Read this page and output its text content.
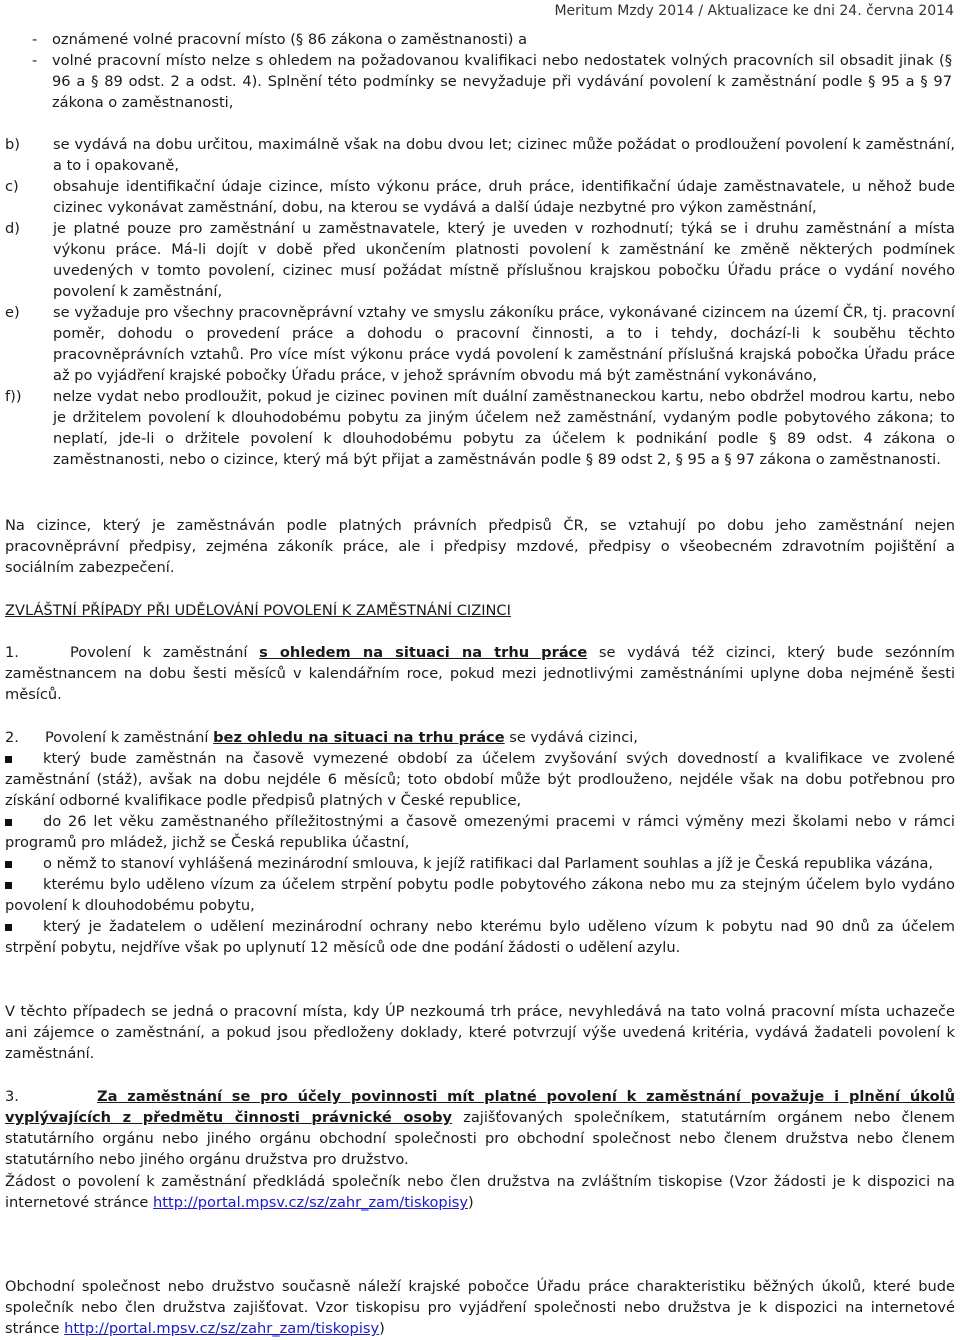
Meritum Mzdy 2014 / Aktualizace ke dni 24. června 2014
-	oznámené volné pracovní místo (§ 86 zákona o zaměstnanosti) a
-	volné pracovní místo nelze s ohledem na požadovanou kvalifikaci nebo nedostatek volných pracovních sil obsadit jinak (§ 96 a § 89 odst. 2 a odst. 4). Splnění této podmínky se nevyžaduje při vydávání povolení k zaměstnání podle § 95 a § 97 zákona o zaměstnanosti,
b)	se vydává na dobu určitou, maximálně však na dobu dvou let; cizinec může požádat o prodloužení povolení k zaměstnání, a to i opakovaně,
c)	obsahuje identifikační údaje cizince, místo výkonu práce, druh práce, identifikační údaje zaměstnavatele, u něhož bude cizinec vykonávat zaměstnání, dobu, na kterou se vydává a další údaje nezbytné pro výkon zaměstnání,
d)	je platné pouze pro zaměstnání u zaměstnavatele, který je uveden v rozhodnutí; týká se i druhu zaměstnání a místa výkonu práce. Má-li dojít v době před ukončením platnosti povolení k zaměstnání ke změně některých podmínek uvedených v tomto povolení, cizinec musí požádat místně příslušnou krajskou pobočku Úřadu práce o vydání nového povolení k zaměstnání,
e)	se vyžaduje pro všechny pracovněprávní vztahy ve smyslu zákoníku práce, vykonávané cizincem na území ČR, tj. pracovní poměr, dohodu o provedení práce a dohodu o pracovní činnosti, a to i tehdy, dochází-li k souběhu těchto pracovněprávních vztahů. Pro více míst výkonu práce vydá povolení k zaměstnání příslušná krajská pobočka Úřadu práce až po vyjádření krajské pobočky Úřadu práce, v jehož správním obvodu má být zaměstnání vykonáváno,
f))	nelze vydat nebo prodloužit, pokud je cizinec povinen mít duální zaměstnaneckou kartu, nebo obdržel modrou kartu, nebo je držitelem povolení k dlouhodobému pobytu za jiným účelem než zaměstnání, vydaným podle pobytového zákona; to neplatí, jde-li o držitele povolení k dlouhodobému pobytu za účelem k podnikání podle § 89 odst. 4 zákona o zaměstnanosti, nebo o cizince, který má být přijat a zaměstnáván podle § 89 odst 2, § 95 a § 97 zákona o zaměstnanosti.
Na cizince, který je zaměstnáván podle platných právních předpisů ČR, se vztahují po dobu jeho zaměstnání nejen pracovněprávní předpisy, zejména zákoník práce, ale i předpisy mzdové, předpisy o všeobecném zdravotním pojištění a sociálním zabezpečení.
ZVLÁŠTNÍ PŘÍPADY PŘI UDĚLOVÁNÍ POVOLENÍ K ZAMĚSTNÁNÍ CIZINCI
1.	Povolení k zaměstnání s ohledem na situaci na trhu práce se vydává též cizinci, který bude sezónním zaměstnancem na dobu šesti měsíců v kalendářním roce, pokud mezi jednotlivými zaměstnáními uplyne doba nejméně šesti měsíců.
2. Povolení k zaměstnání bez ohledu na situaci na trhu práce se vydává cizinci,
který bude zaměstnán na časově vymezené období za účelem zvyšování svých dovedností a kvalifikace ve zvolené zaměstnání (stáž), avšak na dobu nejdéle 6 měsíců; toto období může být prodlouženo, nejdéle však na dobu potřebnou pro získání odborné kvalifikace podle předpisů platných v České republice,
do 26 let věku zaměstnaného příležitostnými a časově omezenými pracemi v rámci výměny mezi školami nebo v rámci programů pro mládež, jichž se Česká republika účastní,
o němž to stanoví vyhlášená mezinárodní smlouva, k jejíž ratifikaci dal Parlament souhlas a jíž je Česká republika vázána,
kterému bylo uděleno vízum za účelem strpění pobytu podle pobytového zákona nebo mu za stejným účelem bylo vydáno povolení k dlouhodobému pobytu,
který je žadatelem o udělení mezinárodní ochrany nebo kterému bylo uděleno vízum k pobytu nad 90 dnů za účelem strpění pobytu, nejdříve však po uplynutí 12 měsíců ode dne podání žádosti o udělení azylu.
V těchto případech se jedná o pracovní místa, kdy ÚP nezkoumá trh práce, nevyhledává na tato volná pracovní místa uchazeče ani zájemce o zaměstnání, a pokud jsou předloženy doklady, které potvrzují výše uvedená kritéria, vydává žadateli povolení k zaměstnání.
3.	Za zaměstnání se pro účely povinnosti mít platné povolení k zaměstnání považuje i plnění úkolů vyplývajících z předmětu činnosti právnické osoby zajišťovaných společníkem, statutárním orgánem nebo členem statutárního orgánu nebo jiného orgánu obchodní společnosti pro obchodní společnost nebo členem družstva nebo členem statutárního nebo jiného orgánu družstva pro družstvo.
Žádost o povolení k zaměstnání předkládá společník nebo člen družstva na zvláštním tiskopise (Vzor žádosti je k dispozici na internetové stránce http://portal.mpsv.cz/sz/zahr_zam/tiskopisy)
Obchodní společnost nebo družstvo současně náleží krajské pobočce Úřadu práce charakteristiku běžných úkolů, které bude společník nebo člen družstva zajišťovat. Vzor tiskopisu pro vyjádření společnosti nebo družstva je k dispozici na internetové stránce http://portal.mpsv.cz/sz/zahr_zam/tiskopisy)
